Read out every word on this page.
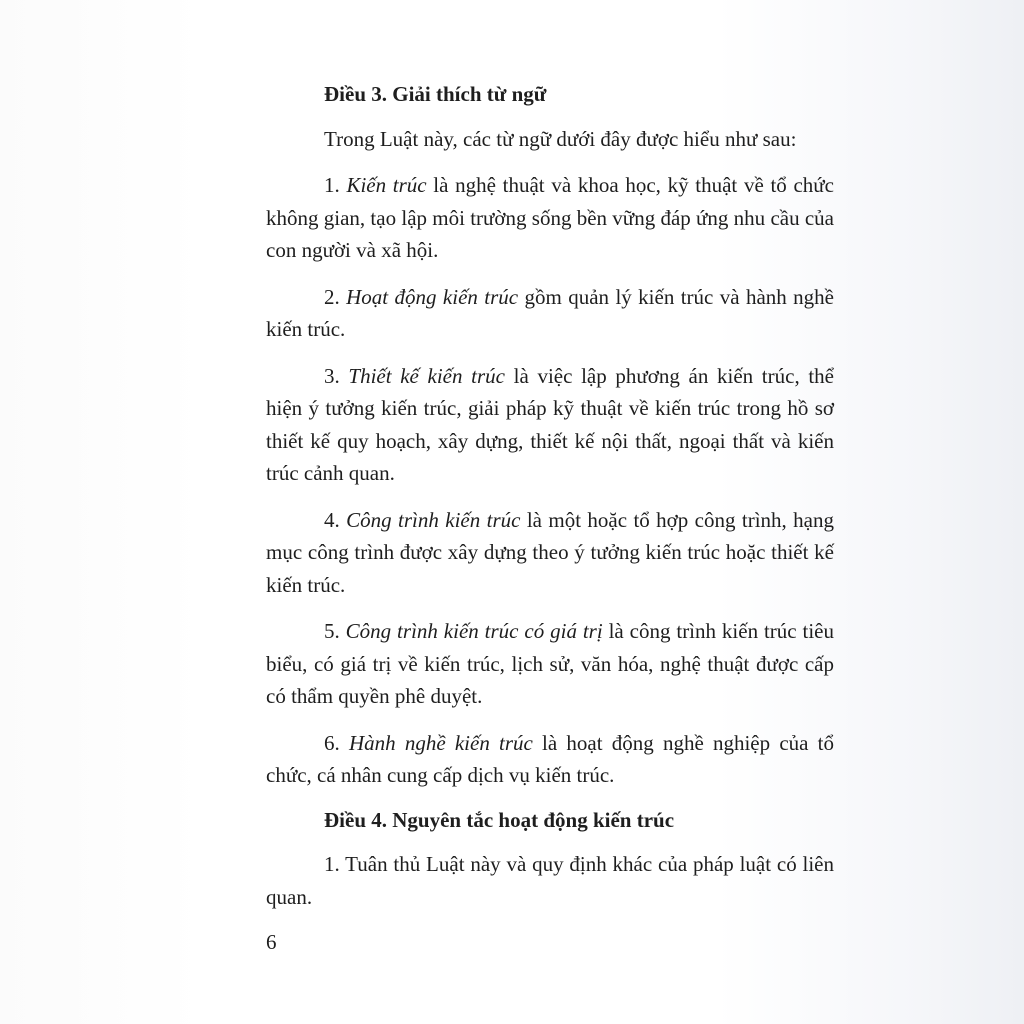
Điều 3. Giải thích từ ngữ

Trong Luật này, các từ ngữ dưới đây được hiểu như sau:

1. Kiến trúc là nghệ thuật và khoa học, kỹ thuật về tổ chức không gian, tạo lập môi trường sống bền vững đáp ứng nhu cầu của con người và xã hội.

2. Hoạt động kiến trúc gồm quản lý kiến trúc và hành nghề kiến trúc.

3. Thiết kế kiến trúc là việc lập phương án kiến trúc, thể hiện ý tưởng kiến trúc, giải pháp kỹ thuật về kiến trúc trong hồ sơ thiết kế quy hoạch, xây dựng, thiết kế nội thất, ngoại thất và kiến trúc cảnh quan.

4. Công trình kiến trúc là một hoặc tổ hợp công trình, hạng mục công trình được xây dựng theo ý tưởng kiến trúc hoặc thiết kế kiến trúc.

5. Công trình kiến trúc có giá trị là công trình kiến trúc tiêu biểu, có giá trị về kiến trúc, lịch sử, văn hóa, nghệ thuật được cấp có thẩm quyền phê duyệt.

6. Hành nghề kiến trúc là hoạt động nghề nghiệp của tổ chức, cá nhân cung cấp dịch vụ kiến trúc.

Điều 4. Nguyên tắc hoạt động kiến trúc

1. Tuân thủ Luật này và quy định khác của pháp luật có liên quan.

6
